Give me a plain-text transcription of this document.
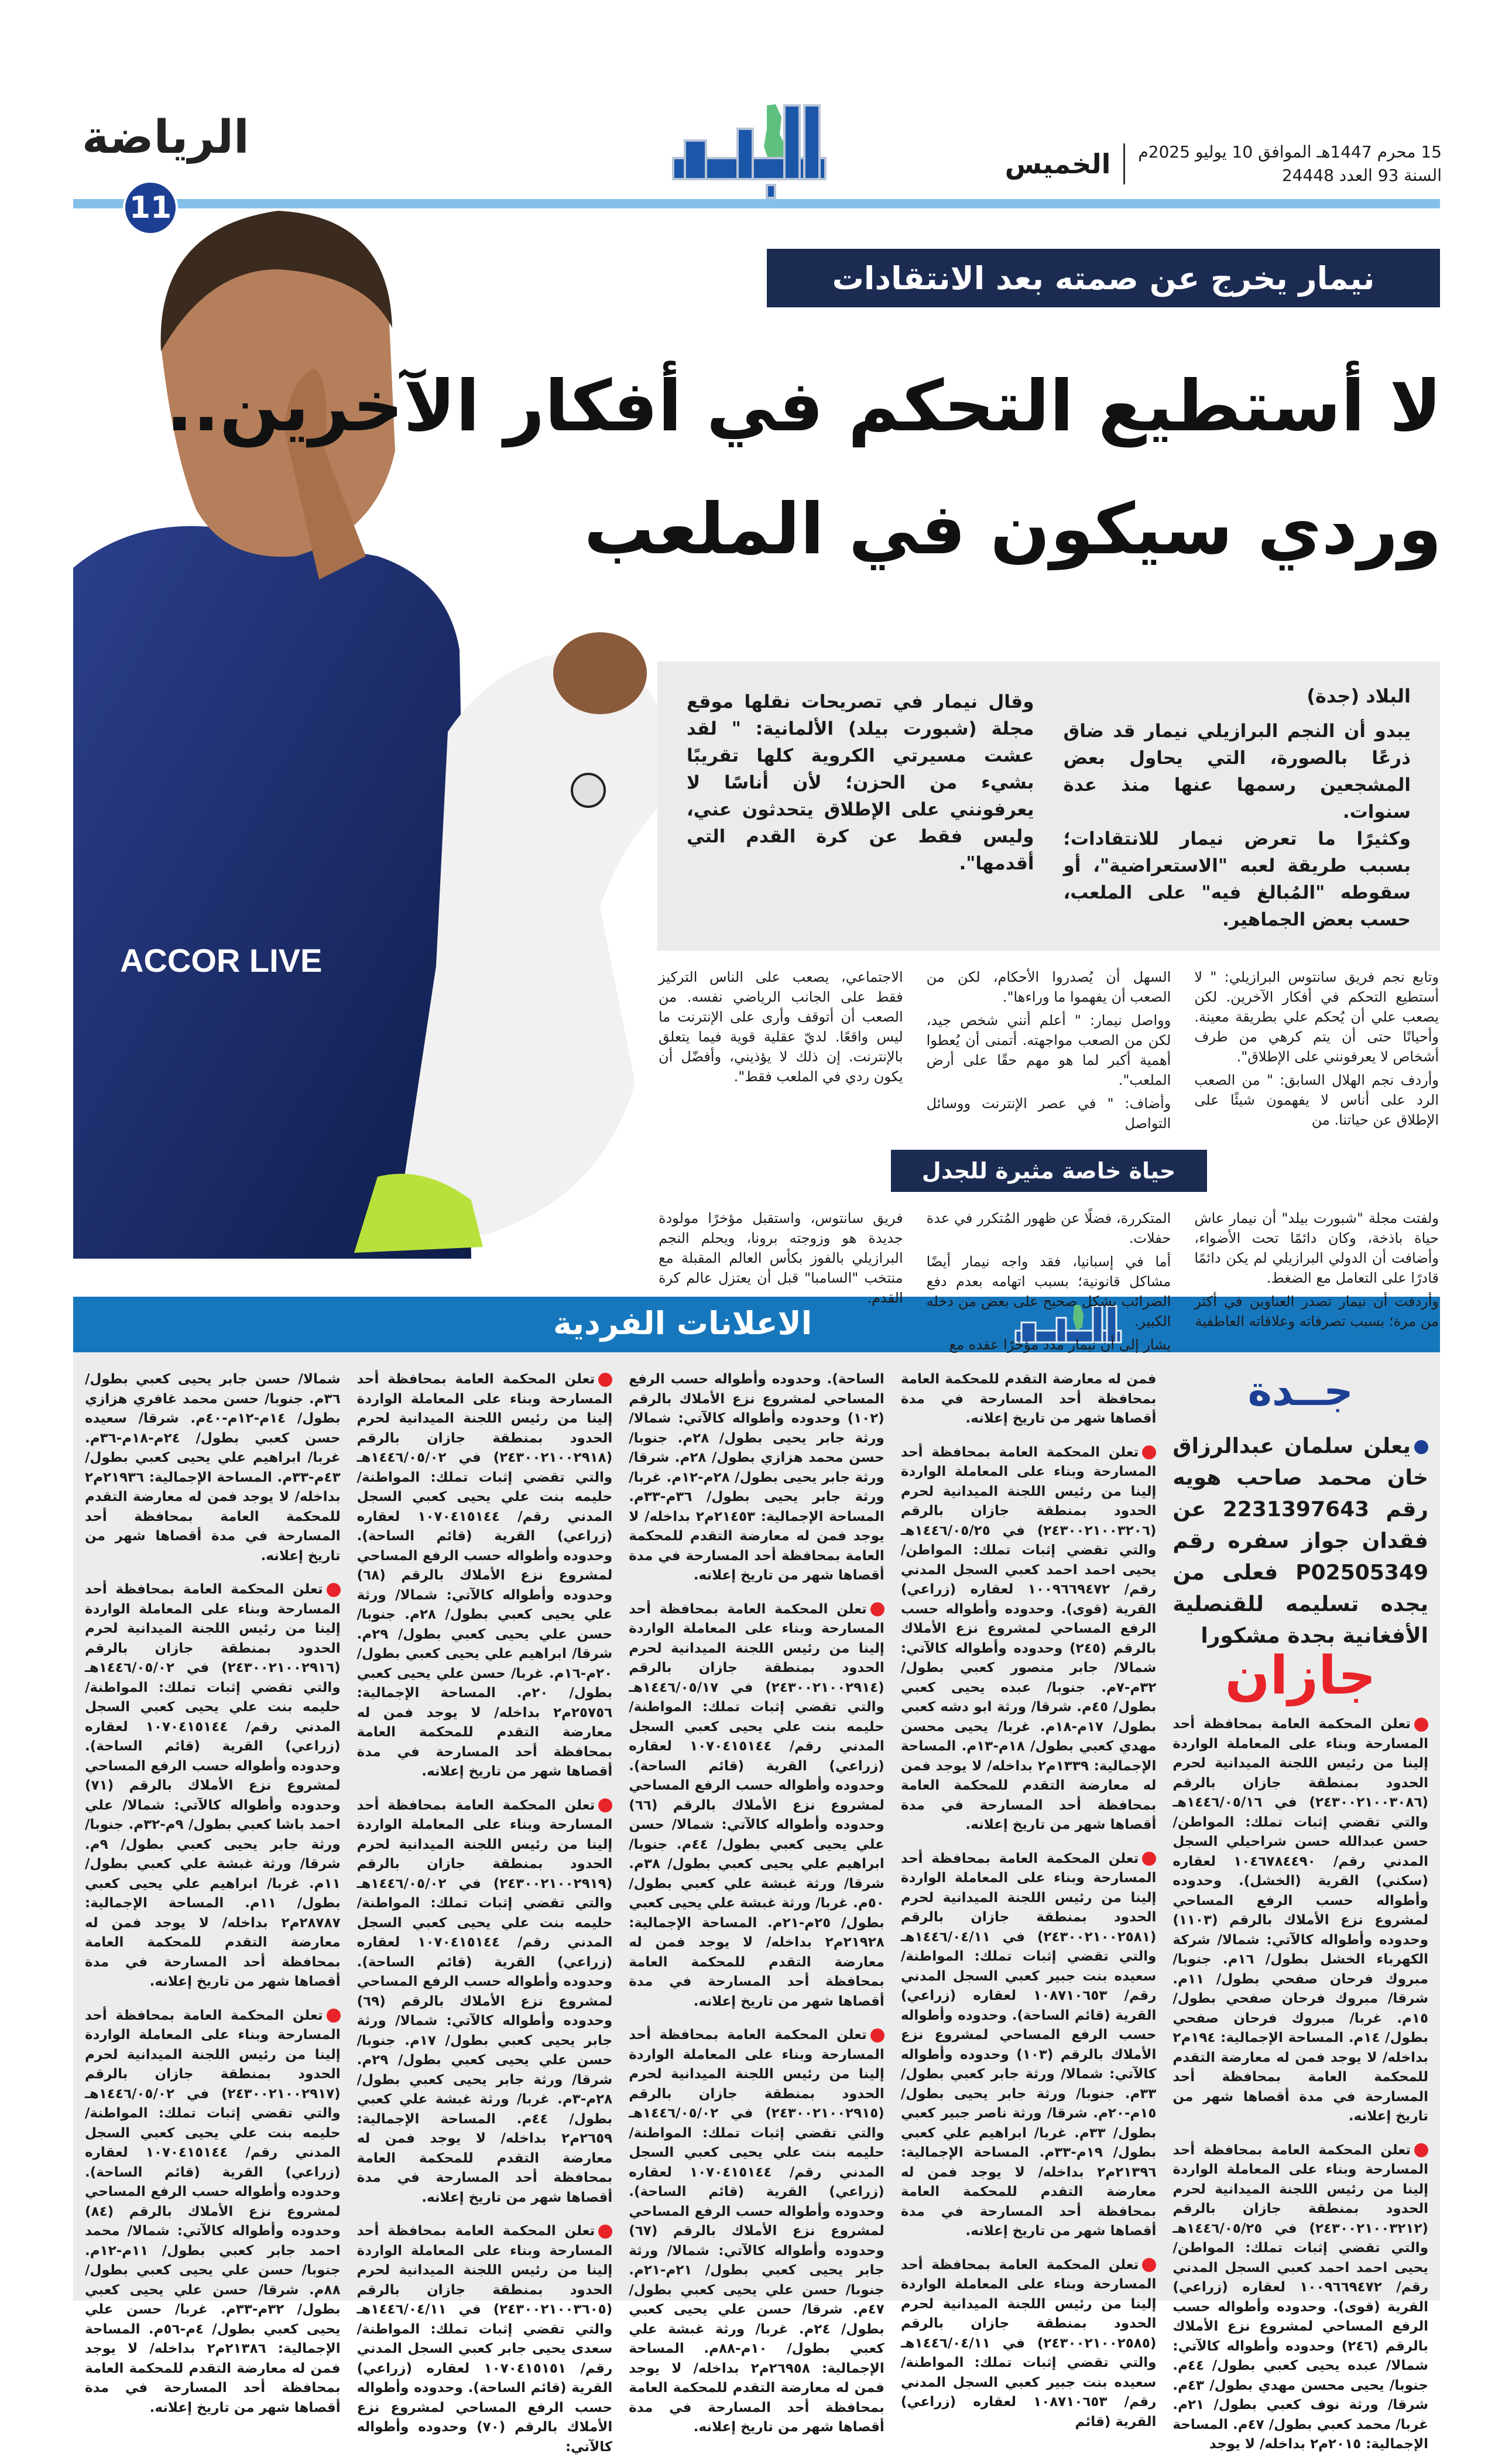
الرياضة	15 محرم 1447هـ الموافق 10 يوليو 2025م
السنة 93 العدد 24448
الخميس
ACCOR LIVE
11
نيمار يخرج عن صمته بعد الانتقادات
لا أستطيع التحكم في أفكار الآخرين..
وردي سيكون في الملعب
البلاد (جدة)
يبدو أن النجم البرازيلي نيمار قد ضاق ذرعًا بالصورة، التي يحاول بعض المشجعين رسمها عنها منذ عدة سنوات.
وكثيرًا ما تعرض نيمار للانتقادات؛ بسبب طريقة لعبه "الاستعراضية"، أو سقوطه "المُبالغ فيه" على الملعب، حسب بعض الجماهير.
وقال نيمار في تصريحات نقلها موقع مجلة (شبورت بيلد) الألمانية: " لقد عشت مسيرتي الكروية كلها تقريبًا بشيء من الحزن؛ لأن أناسًا لا يعرفونني على الإطلاق يتحدثون عني، وليس فقط عن كرة القدم التي أقدمها".

وتابع نجم فريق سانتوس البرازيلي: " لا أستطيع التحكم في أفكار الآخرين. لكن يصعب علي أن يُحكم علي بطريقة معينة. وأحيانًا حتى أن يتم كرهي من طرف أشخاص لا يعرفونني على الإطلاق".

وأردف نجم الهلال السابق: " من الصعب الرد على أناس لا يفهمون شيئًا على الإطلاق عن حياتنا. من

السهل أن يُصدروا الأحكام، لكن من الصعب أن يفهموا ما وراءها".

وواصل نيمار: " أعلم أنني شخص جيد، لكن من الصعب مواجهته. أتمنى أن يُعطوا أهمية أكبر لما هو مهم حقًا على أرض الملعب".

وأضاف: " في عصر الإنترنت ووسائل التواصل

الاجتماعي، يصعب على الناس التركيز فقط على الجانب الرياضي نفسه. من الصعب أن أتوقف وأرى على الإنترنت ما ليس واقعًا. لديّ عقلية قوية فيما يتعلق بالإنترنت. إن ذلك لا يؤذيني، وأفضّل أن يكون ردي في الملعب فقط".

حياة خاصة مثيرة للجدل

ولفتت مجلة "شبورت بيلد" أن نيمار عاش حياة باذخة، وكان دائمًا تحت الأضواء، وأضافت أن الدولي البرازيلي لم يكن دائمًا قادرًا على التعامل مع الضغط.

وأردفت أن نيمار تصدر العناوين في أكثر من مرة؛ بسبب تصرفاته وعلاقاته العاطفية

المتكررة، فضلًا عن ظهور المُتكرر في عدة حفلات.

أما في إسبانيا، فقد واجه نيمار أيضًا مشاكل قانونية؛ بسبب اتهامه بعدم دفع الضرائب بشكل صحيح على بعض من دخله الكبير.

يشار إلى أن نيمار مدد مؤخرًا عقده مع

فريق سانتوس، واستقبل مؤخرًا مولودة جديدة هو وزوجته برونا، ويحلم النجم البرازيلي بالفوز بكأس العالم المقبلة مع منتخب "السامبا" قبل أن يعتزل عالم كرة القدم.

الاعلانات الفردية
جــدة

يعلن سلمان عبدالرزاق خان محمد صاحب هويه رقم 2231397643 عن فقدان جواز سفره رقم P02505349 فعلى من يجده تسليمه للقنصلية الأفغانية بجدة مشكورا

جازان

تعلن المحكمة العامة بمحافظة أحد المسارحة وبناء على المعاملة الواردة إلينا من رئيس اللجنة الميدانية لحرم الحدود بمنطقة جازان بالرقم (٢٤٣٠٠٢١٠٠٣٠٨٦) في ١٤٤٦/٠٥/١٦هـ والتي تقضي إثبات تملك: المواطن/ حسن عبدالله حسن شراحيلي السجل المدني رقم/ ١٠٤٦٧٨٤٤٩٠ لعقاره (سكني) القرية (الخشل). وحدوده وأطواله حسب الرفع المساحي لمشروع نزع الأملاك بالرقم (١١٠٣) وحدوده وأطواله كالآتي: شمالا/ شركة الكهرباء الخشل بطول/ ١٦م. جنوبا/ مبروك فرحان صفحي بطول/ ١١م. شرقا/ مبروك فرحان صفحي بطول/ ١٥م. غربا/ مبروك فرحان صفحي بطول/ ١٤م. المساحة الإجمالية: ١٩٤م٢ بداخله/ لا يوجد فمن له معارضة التقدم للمحكمة العامة بمحافظة أحد المسارحة في مدة أقصاها شهر من تاريخ إعلانه.

تعلن المحكمة العامة بمحافظة أحد المسارحة وبناء على المعاملة الواردة إلينا من رئيس اللجنة الميدانية لحرم الحدود بمنطقة جازان بالرقم (٢٤٣٠٠٢١٠٠٣٢١٢) في ١٤٤٦/٠٥/٢٥هـ والتي تقضي إثبات تملك: المواطن/ يحيى احمد احمد كعبي السجل المدني رقم/ ١٠٠٩٦٦٩٤٧٢ لعقاره (زراعي) القرية (قوى). وحدوده وأطواله حسب الرفع المساحي لمشروع نزع الأملاك بالرقم (٢٤٦) وحدوده وأطواله كالآتي: شمالا/ عبده يحيى كعبي بطول/ ٤٤م. جنوبا/ يحيى محسن مهدي بطول/ ٤٣م. شرقا/ ورثة نوف كعبي بطول/ ٢١م. غربا/ محمد كعبي بطول/ ٤٧م. المساحة الإجمالية: ٢٠١٥م٢ بداخله/ لا يوجد

فمن له معارضة التقدم للمحكمة العامة بمحافظة أحد المسارحة في مدة أقصاها شهر من تاريخ إعلانه.

تعلن المحكمة العامة بمحافظة أحد المسارحة وبناء على المعاملة الواردة إلينا من رئيس اللجنة الميدانية لحرم الحدود بمنطقة جازان بالرقم (٢٤٣٠٠٢١٠٠٣٢٠٦) في ١٤٤٦/٠٥/٢٥هـ والتي تقضي إثبات تملك: المواطن/ يحيى احمد احمد كعبي السجل المدني رقم/ ١٠٠٩٦٦٩٤٧٢ لعقاره (زراعي) القرية (قوى). وحدوده وأطواله حسب الرفع المساحي لمشروع نزع الأملاك بالرقم (٢٤٥) وحدوده وأطواله كالآتي: شمالا/ جابر منصور كعبي بطول/ ٣٢م-٧م. جنوبا/ عبده يحيى كعبي بطول/ ٤٥م. شرقا/ ورثة ابو دشه كعبي بطول/ ١٧م-١٨م. غربا/ يحيى محسن مهدي كعبي بطول/ ١٨م-١٣م. المساحة الإجمالية: ١٣٣٩م٢ بداخله/ لا يوجد فمن له معارضة التقدم للمحكمة العامة بمحافظة أحد المسارحة في مدة أقصاها شهر من تاريخ إعلانه.

تعلن المحكمة العامة بمحافظة أحد المسارحة وبناء على المعاملة الواردة إلينا من رئيس اللجنة الميدانية لحرم الحدود بمنطقة جازان بالرقم (٢٤٣٠٠٢١٠٠٢٥٨١) في ١٤٤٦/٠٤/١١هـ والتي تقضي إثبات تملك: المواطنة/ سعيده بنت جبير كعبي السجل المدني رقم/ ١٠٨٧١٠٦٥٣ لعقاره (زراعي) القرية (قائم الساحة). وحدوده وأطواله حسب الرفع المساحي لمشروع نزع الأملاك بالرقم (١٠٣) وحدوده وأطواله كالآتي: شمالا/ ورثة جابر كعبي بطول/ ٣٣م. جنوبا/ ورثة جابر يحيى بطول/ ١٥م-٢٠م. شرقا/ ورثة ناصر جبير كعبي بطول/ ٣٣م. غربا/ ابراهيم علي كعبي بطول/ ١٩م-٣٣م. المساحة الإجمالية: ٢١٣٩٦م٢ بداخله/ لا يوجد فمن له معارضة التقدم للمحكمة العامة بمحافظة أحد المسارحة في مدة أقصاها شهر من تاريخ إعلانه.

تعلن المحكمة العامة بمحافظة أحد المسارحة وبناء على المعاملة الواردة إلينا من رئيس اللجنة الميدانية لحرم الحدود بمنطقة جازان بالرقم (٢٤٣٠٠٢١٠٠٢٥٨٥) في ١٤٤٦/٠٤/١١هـ والتي تقضي إثبات تملك: المواطنة/ سعيده بنت جبير كعبي السجل المدني رقم/ ١٠٨٧١٠٦٥٣ لعقاره (زراعي) القرية (قائم

الساحة). وحدوده وأطواله حسب الرفع المساحي لمشروع نزع الأملاك بالرقم (١٠٢) وحدوده وأطواله كالآتي: شمالا/ ورثة جابر يحيى بطول/ ٢٨م. جنوبا/ حسن محمد هزازي بطول/ ٢٨م. شرقا/ ورثة جابر يحيى بطول/ ٢٨م-١٢م. غربا/ ورثة جابر يحيى بطول/ ٣٦م-٣٣م. المساحة الإجمالية: ٢١٤٥٣م٢ بداخله/ لا يوجد فمن له معارضة التقدم للمحكمة العامة بمحافظة أحد المسارحة في مدة أقصاها شهر من تاريخ إعلانه.

تعلن المحكمة العامة بمحافظة أحد المسارحة وبناء على المعاملة الواردة إلينا من رئيس اللجنة الميدانية لحرم الحدود بمنطقة جازان بالرقم (٢٤٣٠٠٢١٠٠٢٩١٤) في ١٤٤٦/٠٥/١٧هـ والتي تقضي إثبات تملك: المواطنة/ حليمه بنت علي يحيى كعبي السجل المدني رقم/ ١٠٧٠٤١٥١٤٤ لعقاره (زراعي) القرية (قائم الساحة). وحدوده وأطواله حسب الرفع المساحي لمشروع نزع الأملاك بالرقم (٦٦) وحدوده وأطواله كالآتي: شمالا/ حسن علي يحيى كعبي بطول/ ٤٤م. جنوبا/ ابراهيم علي يحيى كعبي بطول/ ٣٨م. شرقا/ ورثة غبشة علي كعبي بطول/ ٥٠م. غربا/ ورثة غبشة علي يحيى كعبي بطول/ ٢٥م-٢١م. المساحة الإجمالية: ٢١٩٢٨م٢ بداخله/ لا يوجد فمن له معارضة التقدم للمحكمة العامة بمحافظة أحد المسارحة في مدة أقصاها شهر من تاريخ إعلانه.

تعلن المحكمة العامة بمحافظة أحد المسارحة وبناء على المعاملة الواردة إلينا من رئيس اللجنة الميدانية لحرم الحدود بمنطقة جازان بالرقم (٢٤٣٠٠٢١٠٠٢٩١٥) في ١٤٤٦/٠٥/٠٢هـ والتي تقضي إثبات تملك: المواطنة/ حليمه بنت علي يحيى كعبي السجل المدني رقم/ ١٠٧٠٤١٥١٤٤ لعقاره (زراعي) القرية (قائم الساحة). وحدوده وأطواله حسب الرفع المساحي لمشروع نزع الأملاك بالرقم (٦٧) وحدوده وأطواله كالآتي: شمالا/ ورثة جابر يحيى كعبي بطول/ ٢١م-٢١م. جنوبا/ حسن علي يحيى كعبي بطول/ ٤٧م. شرقا/ حسن علي يحيى كعبي بطول/ ٢٤م. غربا/ ورثة غبشة علي كعبي بطول/ ١٠م-٨٨م. المساحة الإجمالية: ٢٦٩٥٨م٢ بداخله/ لا يوجد فمن له معارضة التقدم للمحكمة العامة بمحافظة أحد المسارحة في مدة أقصاها شهر من تاريخ إعلانه.

تعلن المحكمة العامة بمحافظة أحد المسارحة وبناء على المعاملة الواردة إلينا من رئيس اللجنة الميدانية لحرم الحدود بمنطقة جازان بالرقم (٢٤٣٠٠٢١٠٠٢٩١٨) في ١٤٤٦/٠٥/٠٢هـ والتي تقضي إثبات تملك: المواطنة/ حليمه بنت علي يحيى كعبي السجل المدني رقم/ ١٠٧٠٤١٥١٤٤ لعقاره (زراعي) القرية (قائم الساحة). وحدوده وأطواله حسب الرفع المساحي لمشروع نزع الأملاك بالرقم (٦٨) وحدوده وأطواله كالآتي: شمالا/ ورثة علي يحيى كعبي بطول/ ٢٨م. جنوبا/ حسن علي يحيى كعبي بطول/ ٢٩م. شرقا/ ابراهيم علي يحيى كعبي بطول/ ٢٠م-١٦م. غربا/ حسن علي يحيى كعبي بطول/ ٢٠م. المساحة الإجمالية: ٢٥٧٥٦م٢ بداخله/ لا يوجد فمن له معارضة التقدم للمحكمة العامة بمحافظة أحد المسارحة في مدة أقصاها شهر من تاريخ إعلانه.

تعلن المحكمة العامة بمحافظة أحد المسارحة وبناء على المعاملة الواردة إلينا من رئيس اللجنة الميدانية لحرم الحدود بمنطقة جازان بالرقم (٢٤٣٠٠٢١٠٠٢٩١٩) في ١٤٤٦/٠٥/٠٢هـ والتي تقضي إثبات تملك: المواطنة/ حليمه بنت علي يحيى كعبي السجل المدني رقم/ ١٠٧٠٤١٥١٤٤ لعقاره (زراعي) القرية (قائم الساحة). وحدوده وأطواله حسب الرفع المساحي لمشروع نزع الأملاك بالرقم (٦٩) وحدوده وأطواله كالآتي: شمالا/ ورثة جابر يحيى كعبي بطول/ ١٧م. جنوبا/ حسن علي يحيى كعبي بطول/ ٢٩م. شرقا/ ورثة جابر يحيى كعبي بطول/ ٢٨م-٣م. غربا/ ورثة غبشة علي كعبي بطول/ ٤٤م. المساحة الإجمالية: ٢٦٥٩م٢ بداخله/ لا يوجد فمن له معارضة التقدم للمحكمة العامة بمحافظة أحد المسارحة في مدة أقصاها شهر من تاريخ إعلانه.

تعلن المحكمة العامة بمحافظة أحد المسارحة وبناء على المعاملة الواردة إلينا من رئيس اللجنة الميدانية لحرم الحدود بمنطقة جازان بالرقم (٢٤٣٠٠٢١٠٠٣٦٠٥) في ١٤٤٦/٠٤/١١هـ والتي تقضي إثبات تملك: المواطنة/ سعدى يحيى جابر كعبي السجل المدني رقم/ ١٠٧٠٤١٥١٥١ لعقاره (زراعي) القرية (قائم الساحة). وحدوده وأطواله حسب الرفع المساحي لمشروع نزع الأملاك بالرقم (٧٠) وحدوده وأطواله كالآتي:

شمالا/ حسن جابر يحيى كعبي بطول/ ٣٦م. جنوبا/ حسن محمد غافري هزازي بطول/ ١٤م-١٢م-٤٠م. شرقا/ سعيده حسن كعبي بطول/ ٢٤م-١٨م-٣٦م. غربا/ ابراهيم علي يحيى كعبي بطول/ ٤٣م-٣٣م. المساحة الإجمالية: ٢١٩٣٦م٢ بداخله/ لا يوجد فمن له معارضة التقدم للمحكمة العامة بمحافظة أحد المسارحة في مدة أقصاها شهر من تاريخ إعلانه.

تعلن المحكمة العامة بمحافظة أحد المسارحة وبناء على المعاملة الواردة إلينا من رئيس اللجنة الميدانية لحرم الحدود بمنطقة جازان بالرقم (٢٤٣٠٠٢١٠٠٢٩١٦) في ١٤٤٦/٠٥/٠٢هـ والتي تقضي إثبات تملك: المواطنة/ حليمه بنت علي يحيى كعبي السجل المدني رقم/ ١٠٧٠٤١٥١٤٤ لعقاره (زراعي) القرية (قائم الساحة). وحدوده وأطواله حسب الرفع المساحي لمشروع نزع الأملاك بالرقم (٧١) وحدوده وأطواله كالآتي: شمالا/ علي احمد باشا كعبي بطول/ ٩م-٣٢م. جنوبا/ ورثة جابر يحيى كعبي بطول/ ٩م. شرقا/ ورثة غبشة علي كعبي بطول/ ١١م. غربا/ ابراهيم علي يحيى كعبي بطول/ ١١م. المساحة الإجمالية: ٢٨٧٨٧م٢ بداخله/ لا يوجد فمن له معارضة التقدم للمحكمة العامة بمحافظة أحد المسارحة في مدة أقصاها شهر من تاريخ إعلانه.

تعلن المحكمة العامة بمحافظة أحد المسارحة وبناء على المعاملة الواردة إلينا من رئيس اللجنة الميدانية لحرم الحدود بمنطقة جازان بالرقم (٢٤٣٠٠٢١٠٠٢٩١٧) في ١٤٤٦/٠٥/٠٢هـ والتي تقضي إثبات تملك: المواطنة/ حليمه بنت علي يحيى كعبي السجل المدني رقم/ ١٠٧٠٤١٥١٤٤ لعقاره (زراعي) القرية (قائم الساحة). وحدوده وأطواله حسب الرفع المساحي لمشروع نزع الأملاك بالرقم (٨٤) وحدوده وأطواله كالآتي: شمالا/ محمد احمد جابر كعبي بطول/ ١١م-١٢م. جنوبا/ حسن علي يحيى كعبي بطول/ ٨٨م. شرقا/ حسن علي يحيى كعبي بطول/ ٣٢م-٣٣م. غربا/ حسن علي يحيى كعبي بطول/ ٤م-٥٦م. المساحة الإجمالية: ٢١٣٨٦م٢ بداخله/ لا يوجد فمن له معارضة التقدم للمحكمة العامة بمحافظة أحد المسارحة في مدة أقصاها شهر من تاريخ إعلانه.
